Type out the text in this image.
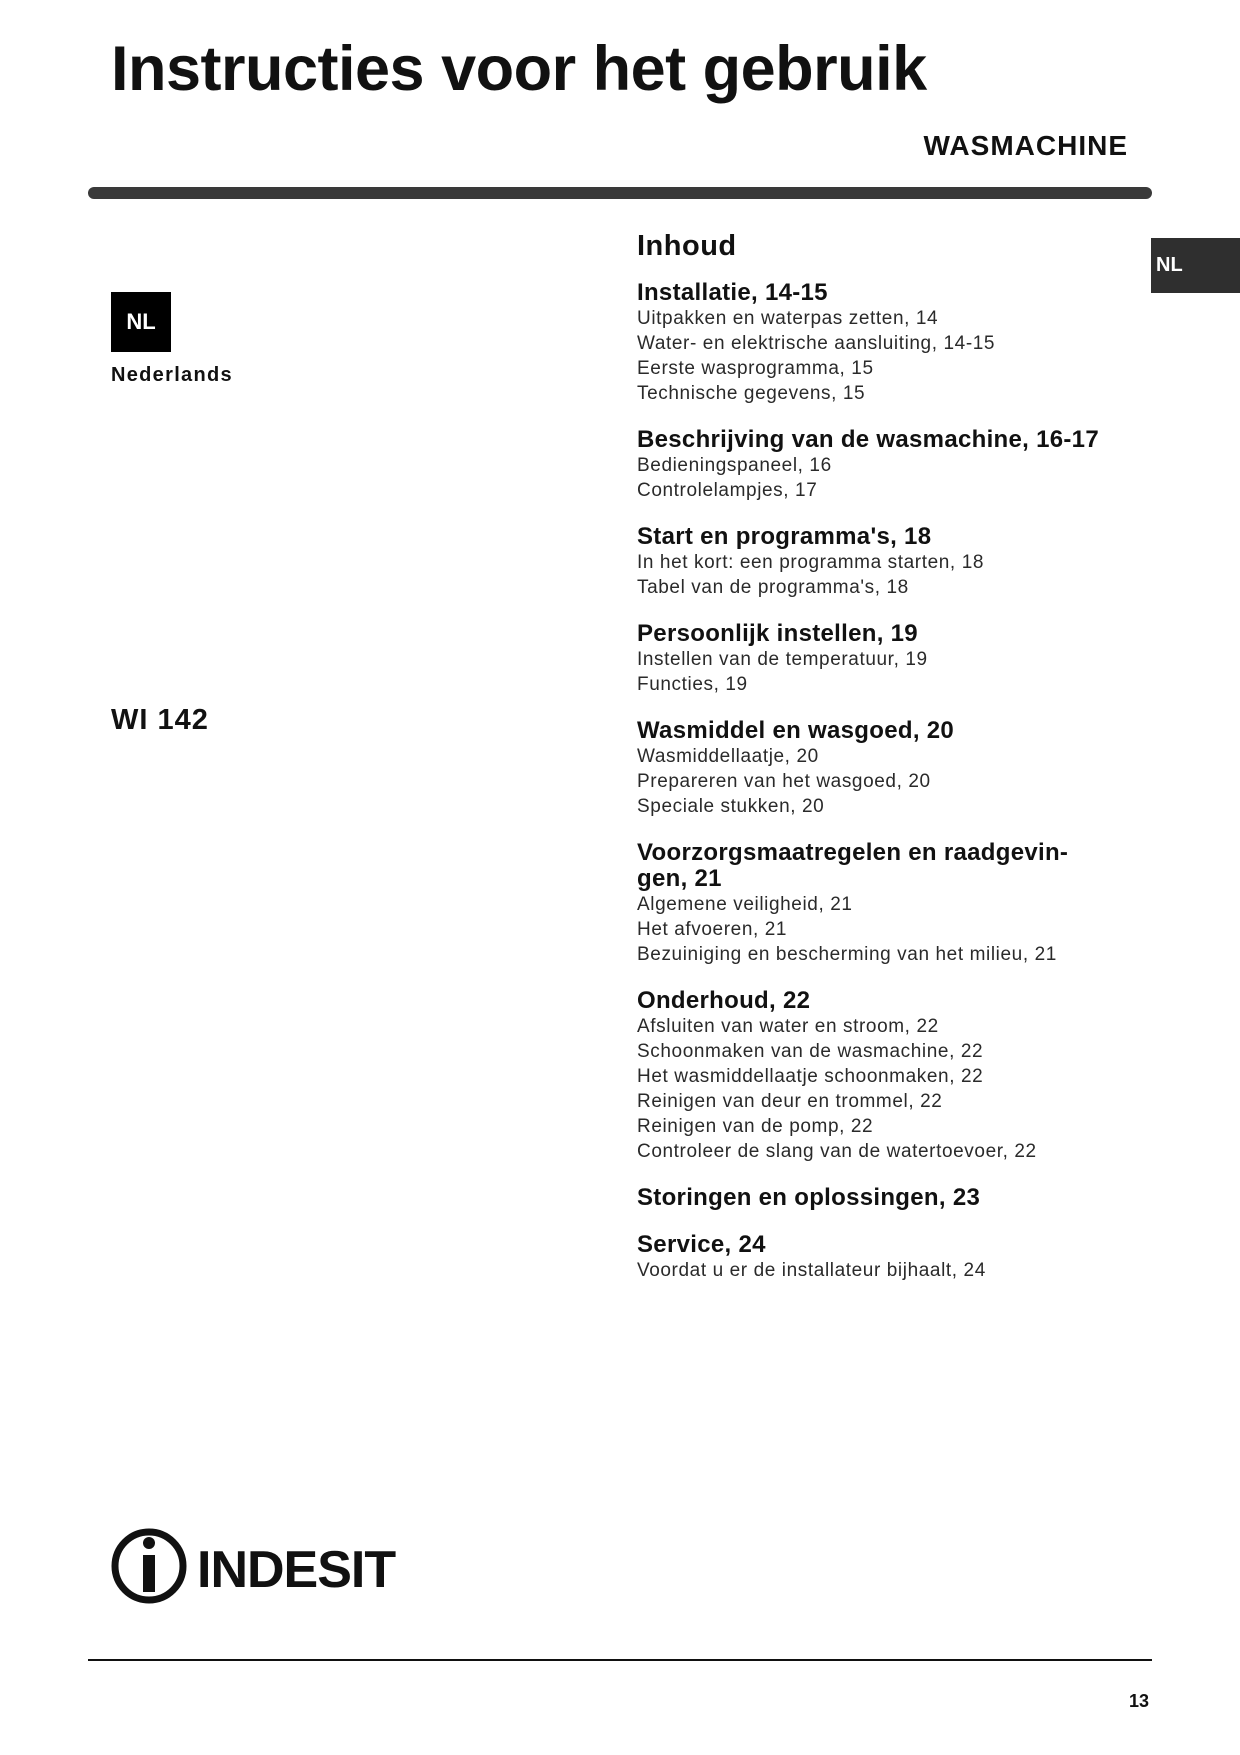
Instructies voor het gebruik
WASMACHINE
NL
NL
Nederlands
WI 142
Inhoud
Installatie, 14-15
Uitpakken en waterpas zetten, 14
Water- en elektrische aansluiting, 14-15
Eerste wasprogramma, 15
Technische gegevens, 15
Beschrijving van de wasmachine, 16-17
Bedieningspaneel, 16
Controlelampjes, 17
Start en programma's, 18
In het kort: een programma starten, 18
Tabel van de programma's, 18
Persoonlijk instellen, 19
Instellen van de temperatuur, 19
Functies, 19
Wasmiddel en wasgoed, 20
Wasmiddellaatje, 20
Prepareren van het wasgoed, 20
Speciale stukken, 20
Voorzorgsmaatregelen en raadgevin-
gen, 21
Algemene veiligheid, 21
Het afvoeren, 21
Bezuiniging en bescherming van het milieu, 21
Onderhoud, 22
Afsluiten van water en stroom, 22
Schoonmaken van de wasmachine, 22
Het wasmiddellaatje schoonmaken, 22
Reinigen van deur en trommel, 22
Reinigen van de pomp, 22
Controleer de slang van de watertoevoer, 22
Storingen en oplossingen, 23
Service, 24
Voordat u er de installateur bijhaalt, 24
INDESIT
13
